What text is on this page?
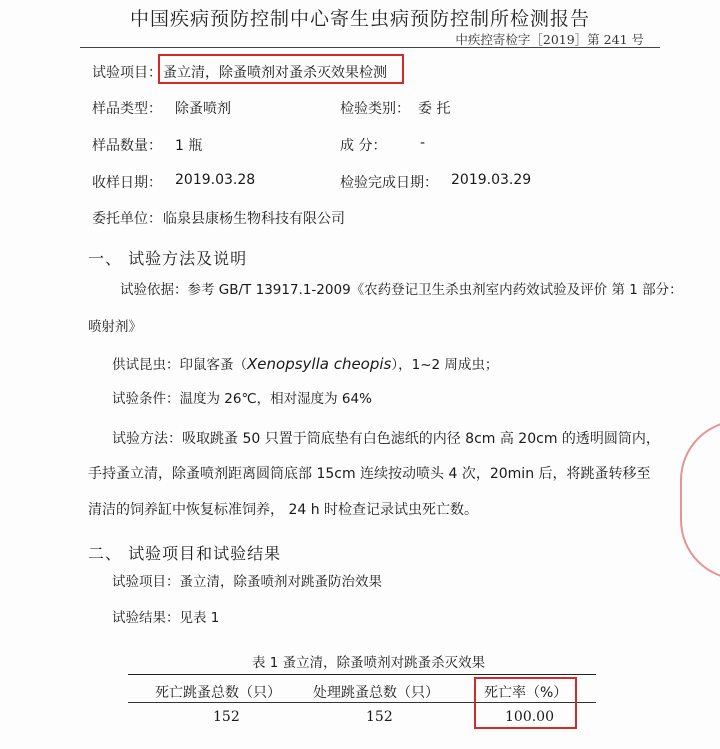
中国疾病预防控制中心寄生虫病预防控制所检测报告
中疾控寄检字［2019］第 241 号
试验项目： 蚤立清，除蚤喷剂对蚤杀灭效果检测
样品类型： 除蚤喷剂	检验类别： 委 托
样品数量： 1 瓶	成 分： -
收样日期： 2019.03.28	检验完成日期： 2019.03.29
委托单位： 临泉县康杨生物科技有限公司
一、 试验方法及说明
试验依据：参考 GB/T 13917.1-2009《农药登记卫生杀虫剂室内药效试验及评价 第 1 部分：
喷射剂》
供试昆虫：印鼠客蚤（Xenopsylla cheopis），1~2 周成虫；
试验条件：温度为 26℃，相对湿度为 64%
试验方法：吸取跳蚤 50 只置于筒底垫有白色滤纸的内径 8cm 高 20cm 的透明圆筒内，
手持蚤立清，除蚤喷剂距离圆筒底部 15cm 连续按动喷头 4 次，20min 后，将跳蚤转移至
清洁的饲养缸中恢复标准饲养， 24 h 时检查记录试虫死亡数。
二、 试验项目和试验结果
试验项目：蚤立清，除蚤喷剂对跳蚤防治效果
试验结果：见表 1
表 1 蚤立清，除蚤喷剂对跳蚤杀灭效果
死亡跳蚤总数（只） 处理跳蚤总数（只）	死亡率（%）
152	152	100.00
